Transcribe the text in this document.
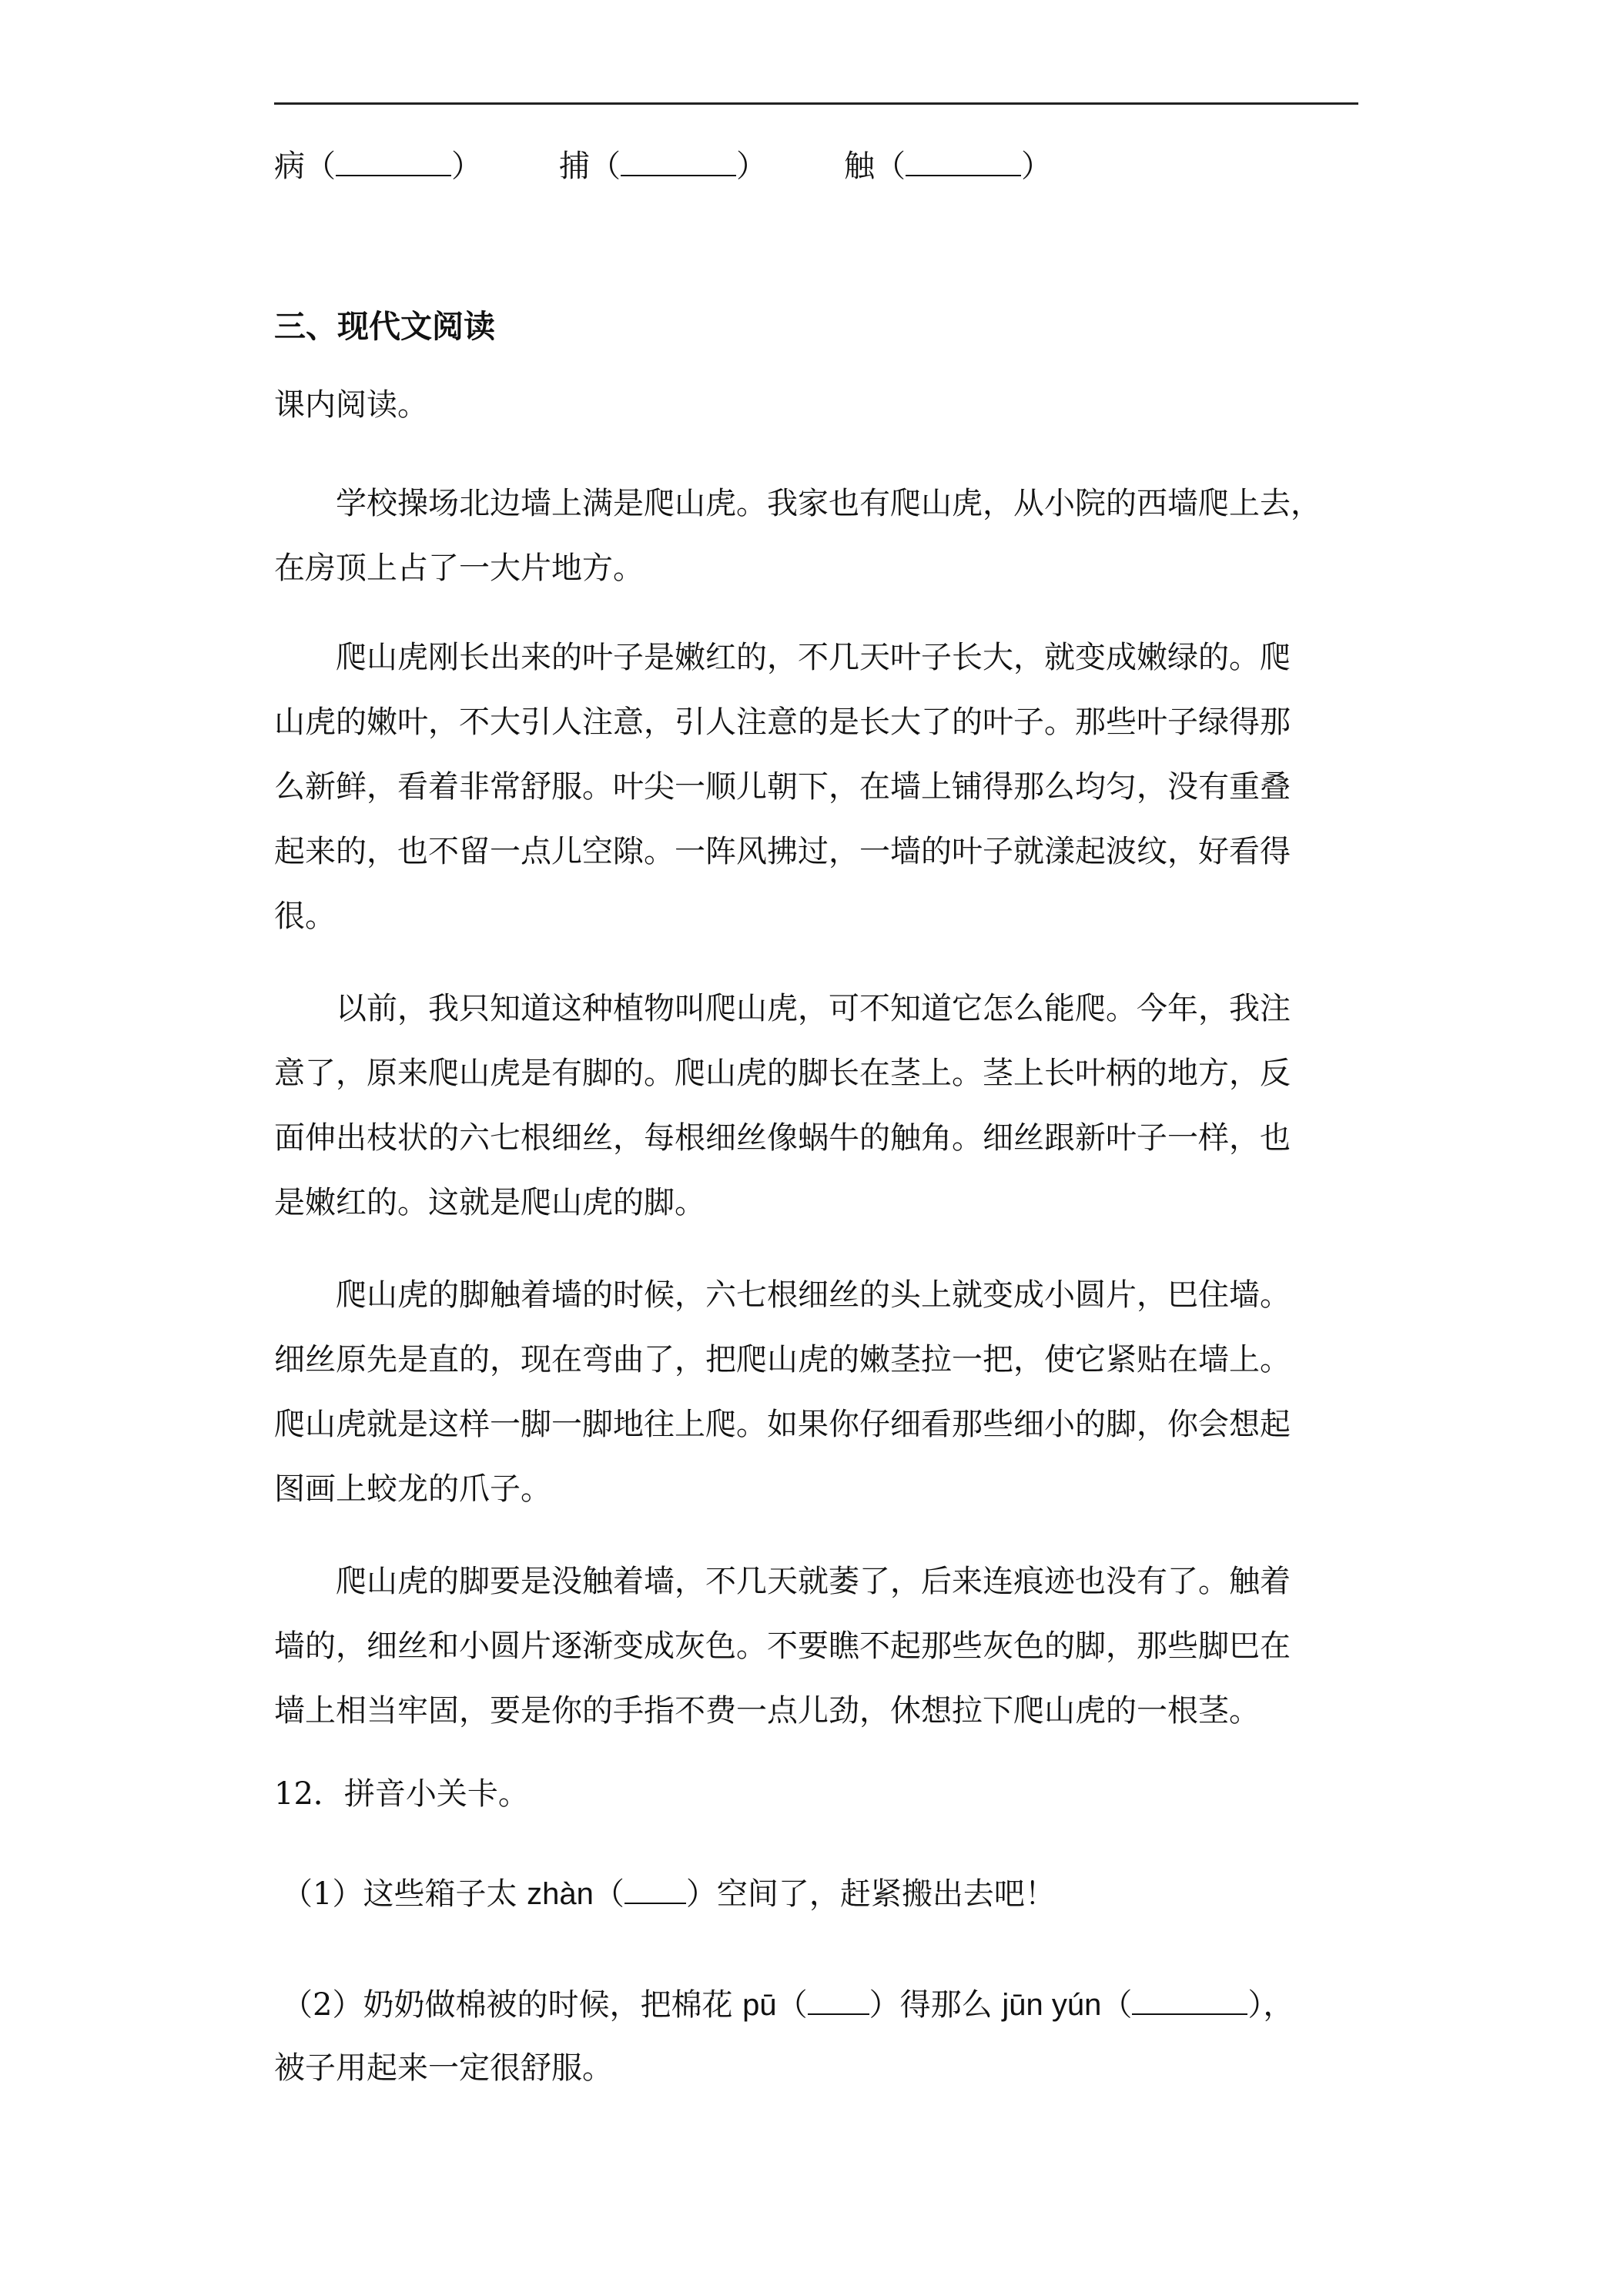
病（	）	捕（	）	触（	）
三、现代文阅读
课内阅读。
学校操场北边墙上满是爬山虎。我家也有爬山虎，从小院的西墙爬上去，
在房顶上占了一大片地方。
爬山虎刚长出来的叶子是嫩红的，不几天叶子长大，就变成嫩绿的。爬
山虎的嫩叶，不大引人注意，引人注意的是长大了的叶子。那些叶子绿得那
么新鲜，看着非常舒服。叶尖一顺儿朝下，在墙上铺得那么均匀，没有重叠
起来的，也不留一点儿空隙。一阵风拂过，一墙的叶子就漾起波纹，好看得
很。
以前，我只知道这种植物叫爬山虎，可不知道它怎么能爬。今年，我注
意了，原来爬山虎是有脚的。爬山虎的脚长在茎上。茎上长叶柄的地方，反
面伸出枝状的六七根细丝，每根细丝像蜗牛的触角。细丝跟新叶子一样，也
是嫩红的。这就是爬山虎的脚。
爬山虎的脚触着墙的时候，六七根细丝的头上就变成小圆片，巴住墙。
细丝原先是直的，现在弯曲了，把爬山虎的嫩茎拉一把，使它紧贴在墙上。
爬山虎就是这样一脚一脚地往上爬。如果你仔细看那些细小的脚，你会想起
图画上蛟龙的爪子。
爬山虎的脚要是没触着墙，不几天就萎了，后来连痕迹也没有了。触着
墙的，细丝和小圆片逐渐变成灰色。不要瞧不起那些灰色的脚，那些脚巴在
墙上相当牢固，要是你的手指不费一点儿劲，休想拉下爬山虎的一根茎。
12．拼音小关卡。
（1）这些箱子太 zhàn（ ）空间了，赶紧搬出去吧！
（2）奶奶做棉被的时候，把棉花 pū（ ）得那么 jūn yún（	），
被子用起来一定很舒服。
